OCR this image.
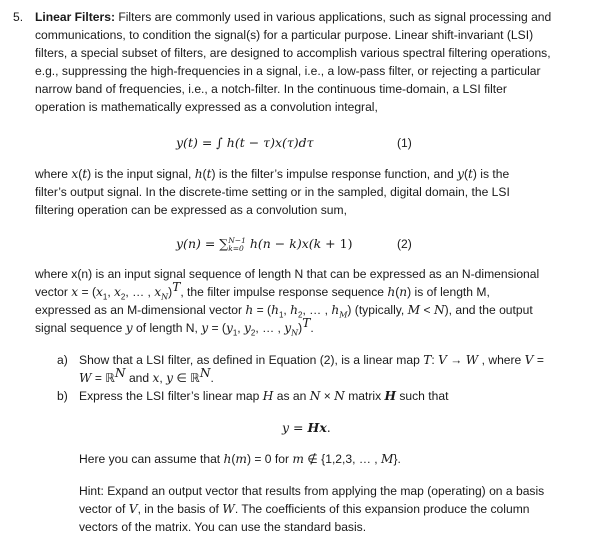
5. Linear Filters: Filters are commonly used in various applications, such as signal processing and
communications, to condition the signal(s) for a particular purpose. Linear shift-invariant (LSI)
filters, a special subset of filters, are designed to accomplish various spectral filtering operations,
e.g., suppressing the high-frequencies in a signal, i.e., a low-pass filter, or rejecting a particular
narrow band of frequencies, i.e., a notch-filter. In the continuous time-domain, a LSI filter
operation is mathematically expressed as a convolution integral,
y(t) = ∫ h(t − τ)x(τ)dτ	(1)
where x(t) is the input signal, h(t) is the filter’s impulse response function, and y(t) is the
filter’s output signal. In the discrete-time setting or in the sampled, digital domain, the LSI
filtering operation can be expressed as a convolution sum,
y(n) = ∑ N−1
k=0 h(n − k)x(k + 1)	(2)
where x(n) is an input signal sequence of length N that can be expressed as an N-dimensional
vector $x = (x_1$, $x_2$, … , $x_N)^T$, the filter impulse response sequence h(n) is of length M,
expressed as an M-dimensional vector $h = (h_1$, $h_2$, … , $h_M$) (typically, M < N), and the output
signal sequence y of length N, $y = (y_1$, $y_2$, … , $y_N)^T$.
a) Show that a LSI filter, as defined in Equation (2), is a linear map T: V → W , where V =
W = ℝ$^N$ and x, y ∈ ℝ$^N$.
b) Express the LSI filter’s linear map H as an N × N matrix H such that
y = Hx.
Here you can assume that h(m) = 0 for m ∉ {1,2,3, … , M}.
Hint: Expand an output vector that results from applying the map (operating) on a basis
vector of V, in the basis of W. The coefficients of this expansion produce the column
vectors of the matrix. You can use the standard basis.
